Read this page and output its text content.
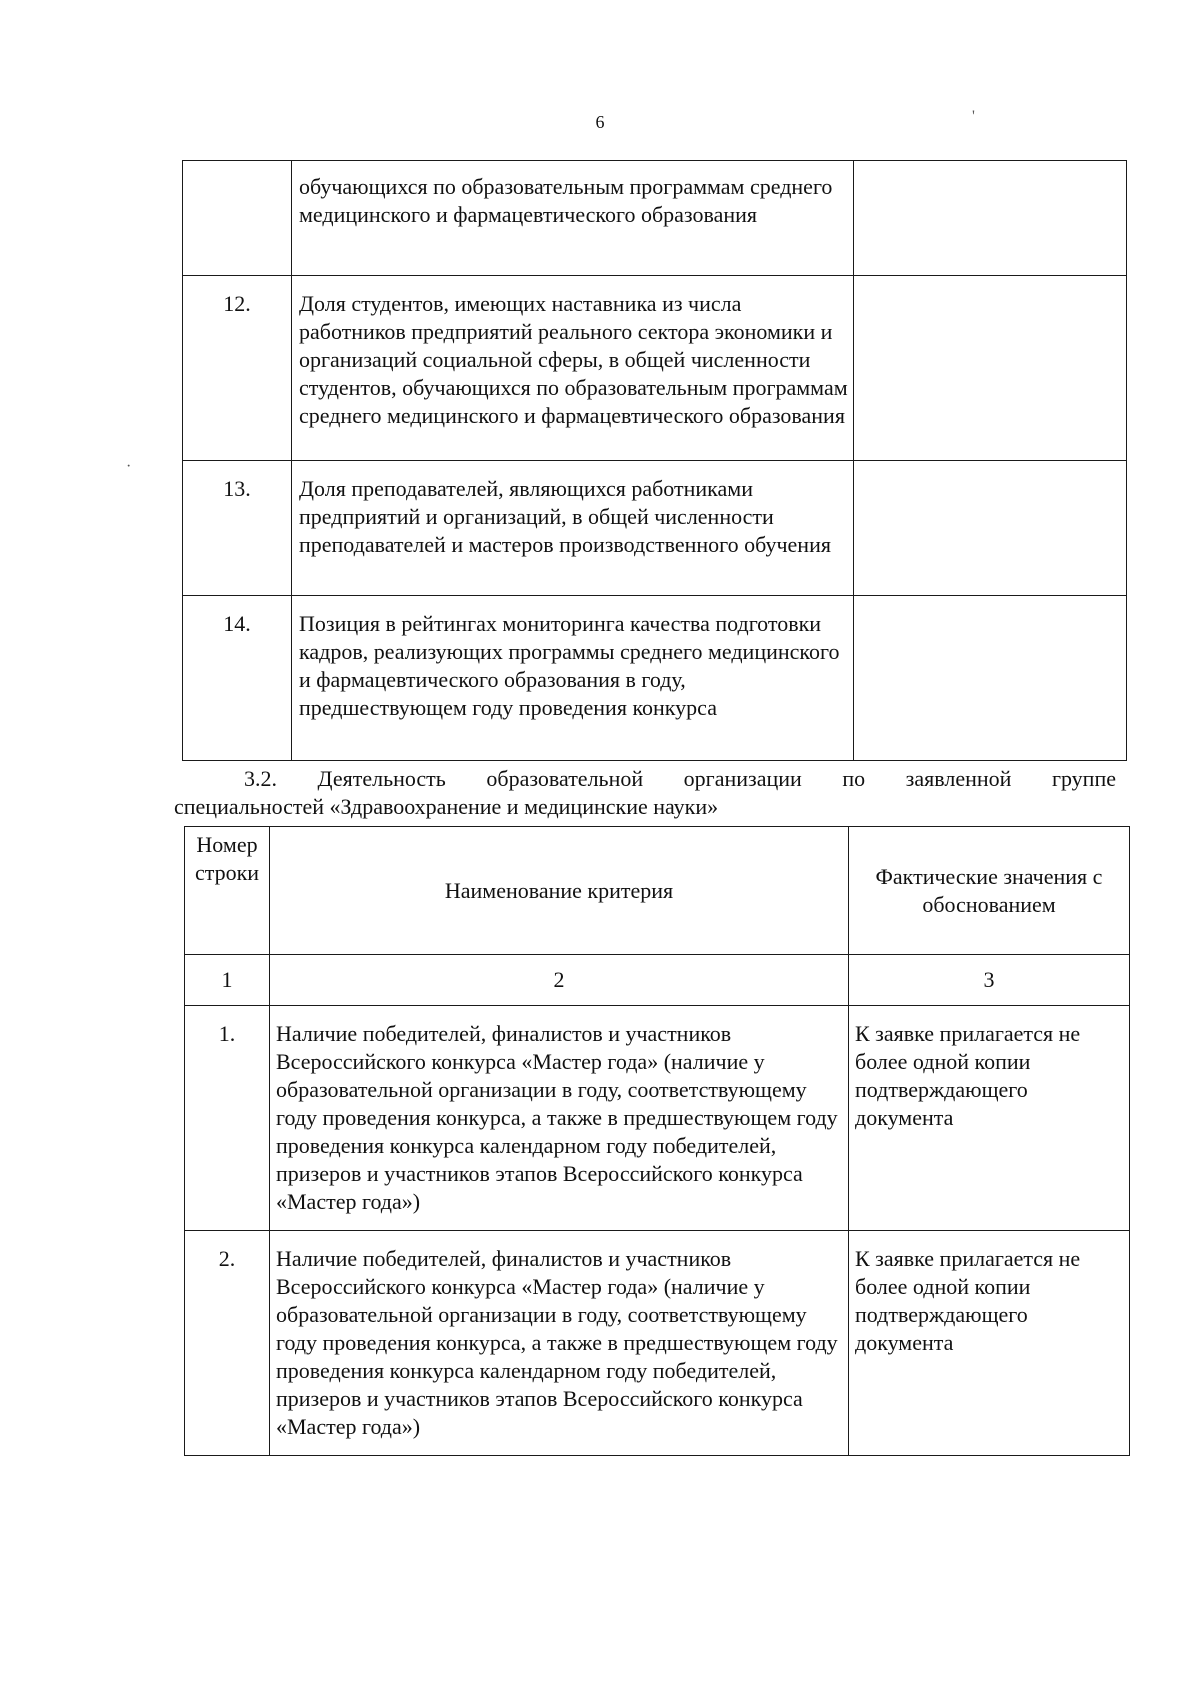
6	'
·
	обучающихся по образовательным программам среднего медицинского и фармацевтического образования	
12.	Доля студентов, имеющих наставника из числа работников предприятий реального сектора экономики и организаций социальной сферы, в общей численности студентов, обучающихся по образовательным программам среднего медицинского и фармацевтического образования	
13.	Доля преподавателей, являющихся работниками предприятий и организаций, в общей численности преподавателей и мастеров производственного обучения	
14.	Позиция в рейтингах мониторинга качества подготовки кадров, реализующих программы среднего медицинского и фармацевтического образования в году, предшествующем году проведения конкурса	
3.2. Деятельность образовательной организации по заявленной группе
специальностей «Здравоохранение и медицинские науки»
Номер строки	Наименование критерия	Фактические значения с обоснованием
1	2	3
1.	Наличие победителей, финалистов и участников Всероссийского конкурса «Мастер года» (наличие у образовательной организации в году, соответствующему году проведения конкурса, а также в предшествующем году проведения конкурса календарном году победителей, призеров и участников этапов Всероссийского конкурса «Мастер года»)	К заявке прилагается не более одной копии подтверждающего документа
2.	Наличие победителей, финалистов и участников Всероссийского конкурса «Мастер года» (наличие у образовательной организации в году, соответствующему году проведения конкурса, а также в предшествующем году проведения конкурса календарном году победителей, призеров и участников этапов Всероссийского конкурса «Мастер года»)	К заявке прилагается не более одной копии подтверждающего документа
